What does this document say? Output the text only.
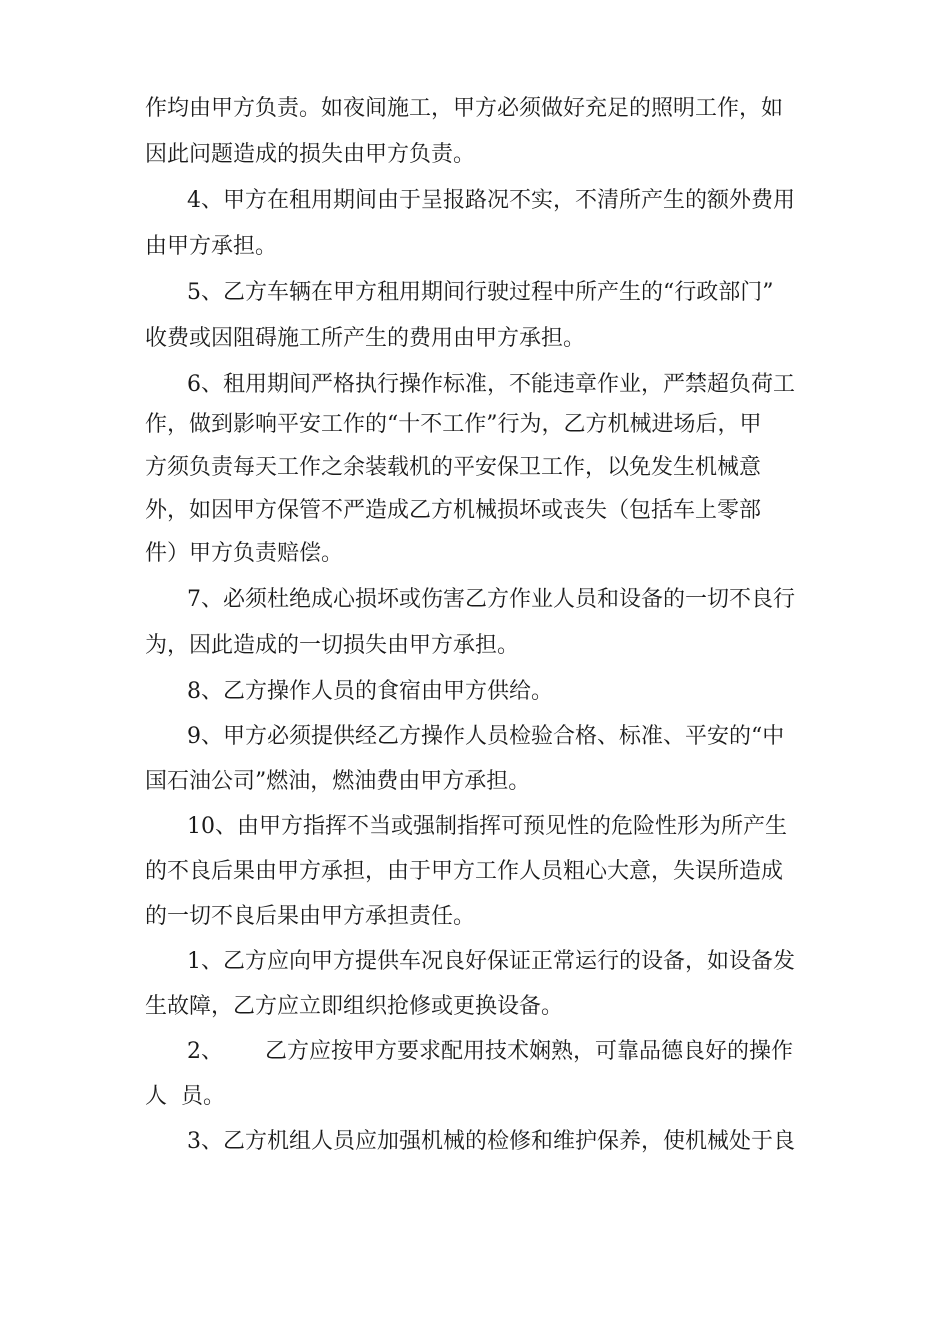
作均由甲方负责。如夜间施工，甲方必须做好充足的照明工作，如
因此问题造成的损失由甲方负责。
4、甲方在租用期间由于呈报路况不实，不清所产生的额外费用
由甲方承担。
5、乙方车辆在甲方租用期间行驶过程中所产生的“行政部门”
收费或因阻碍施工所产生的费用由甲方承担。
6、租用期间严格执行操作标准，不能违章作业，严禁超负荷工
作，做到影响平安工作的“十不工作”行为，乙方机械进场后，甲
方须负责每天工作之余装载机的平安保卫工作，以免发生机械意
外，如因甲方保管不严造成乙方机械损坏或丧失（包括车上零部
件）甲方负责赔偿。
7、必须杜绝成心损坏或伤害乙方作业人员和设备的一切不良行
为，因此造成的一切损失由甲方承担。
8、乙方操作人员的食宿由甲方供给。
9、甲方必须提供经乙方操作人员检验合格、标准、平安的“中
国石油公司”燃油，燃油费由甲方承担。
10、由甲方指挥不当或强制指挥可预见性的危险性形为所产生
的不良后果由甲方承担，由于甲方工作人员粗心大意，失误所造成
的一切不良后果由甲方承担责任。
1、乙方应向甲方提供车况良好保证正常运行的设备，如设备发
生故障，乙方应立即组织抢修或更换设备。
2、      乙方应按甲方要求配用技术娴熟，可靠品德良好的操作
人  员。
3、乙方机组人员应加强机械的检修和维护保养，使机械处于良
